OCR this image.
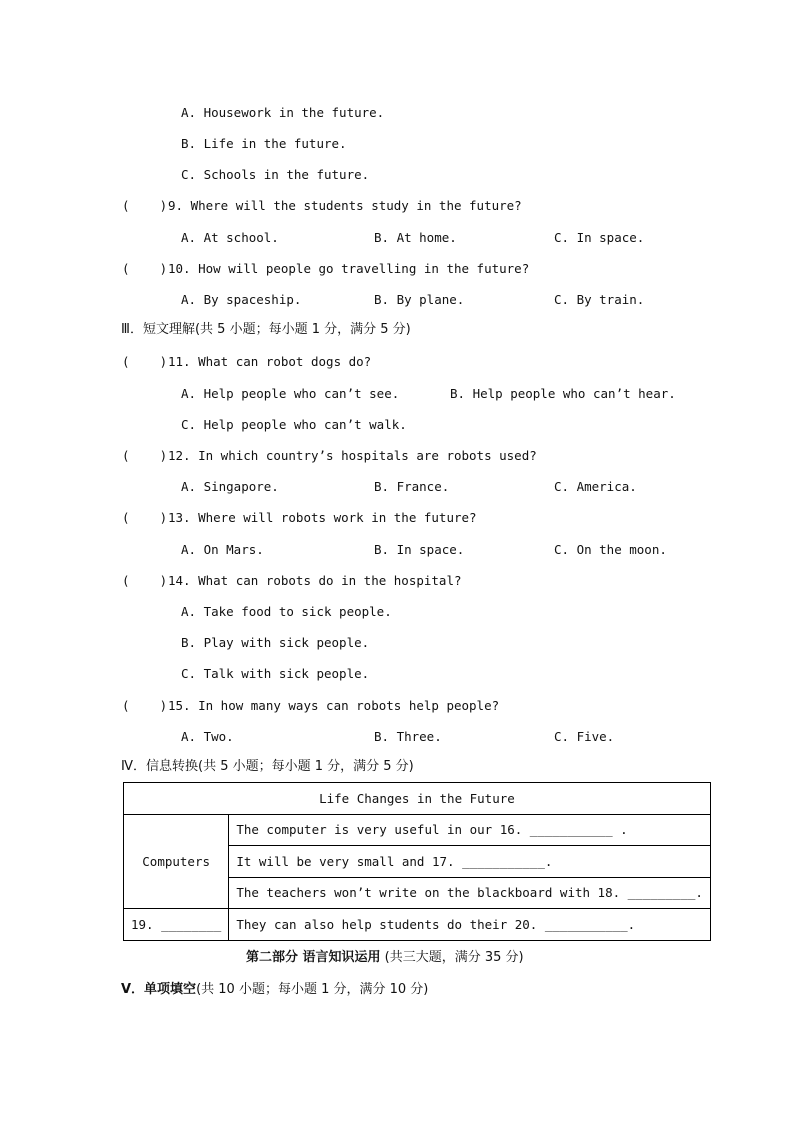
A. Housework in the future.
B. Life in the future.
C. Schools in the future.
(    ) 9. Where will the students study in the future?
A. At school.	B. At home.	C. In space.
(    ) 10. How will people go travelling in the future?
A. By spaceship.	B. By plane.	C. By train.
Ⅲ．短文理解(共 5 小题；每小题 1 分，满分 5 分)
(    ) 11. What can robot dogs do?
A. Help people who can’t see.	B. Help people who can’t hear.
C. Help people who can’t walk.
(    ) 12. In which country’s hospitals are robots used?
A. Singapore.	B. France.	C. America.
(    ) 13. Where will robots work in the future?
A. On Mars.	B. In space.	C. On the moon.
(    ) 14. What can robots do in the hospital?
A. Take food to sick people.
B. Play with sick people.
C. Talk with sick people.
(    ) 15. In how many ways can robots help people?
A. Two.	B. Three.	C. Five.
Ⅳ．信息转换(共 5 小题；每小题 1 分，满分 5 分)
Life Changes in the Future	
Computers	The computer is very useful in our 16. ___________ .
	It will be very small and 17. ___________.
	The teachers won’t write on the blackboard with 18. _________.
19. ________	They can also help students do their 20. ___________.
第二部分 语言知识运用 (共三大题，满分 35 分)
Ⅴ．单项填空(共 10 小题；每小题 1 分，满分 10 分)
